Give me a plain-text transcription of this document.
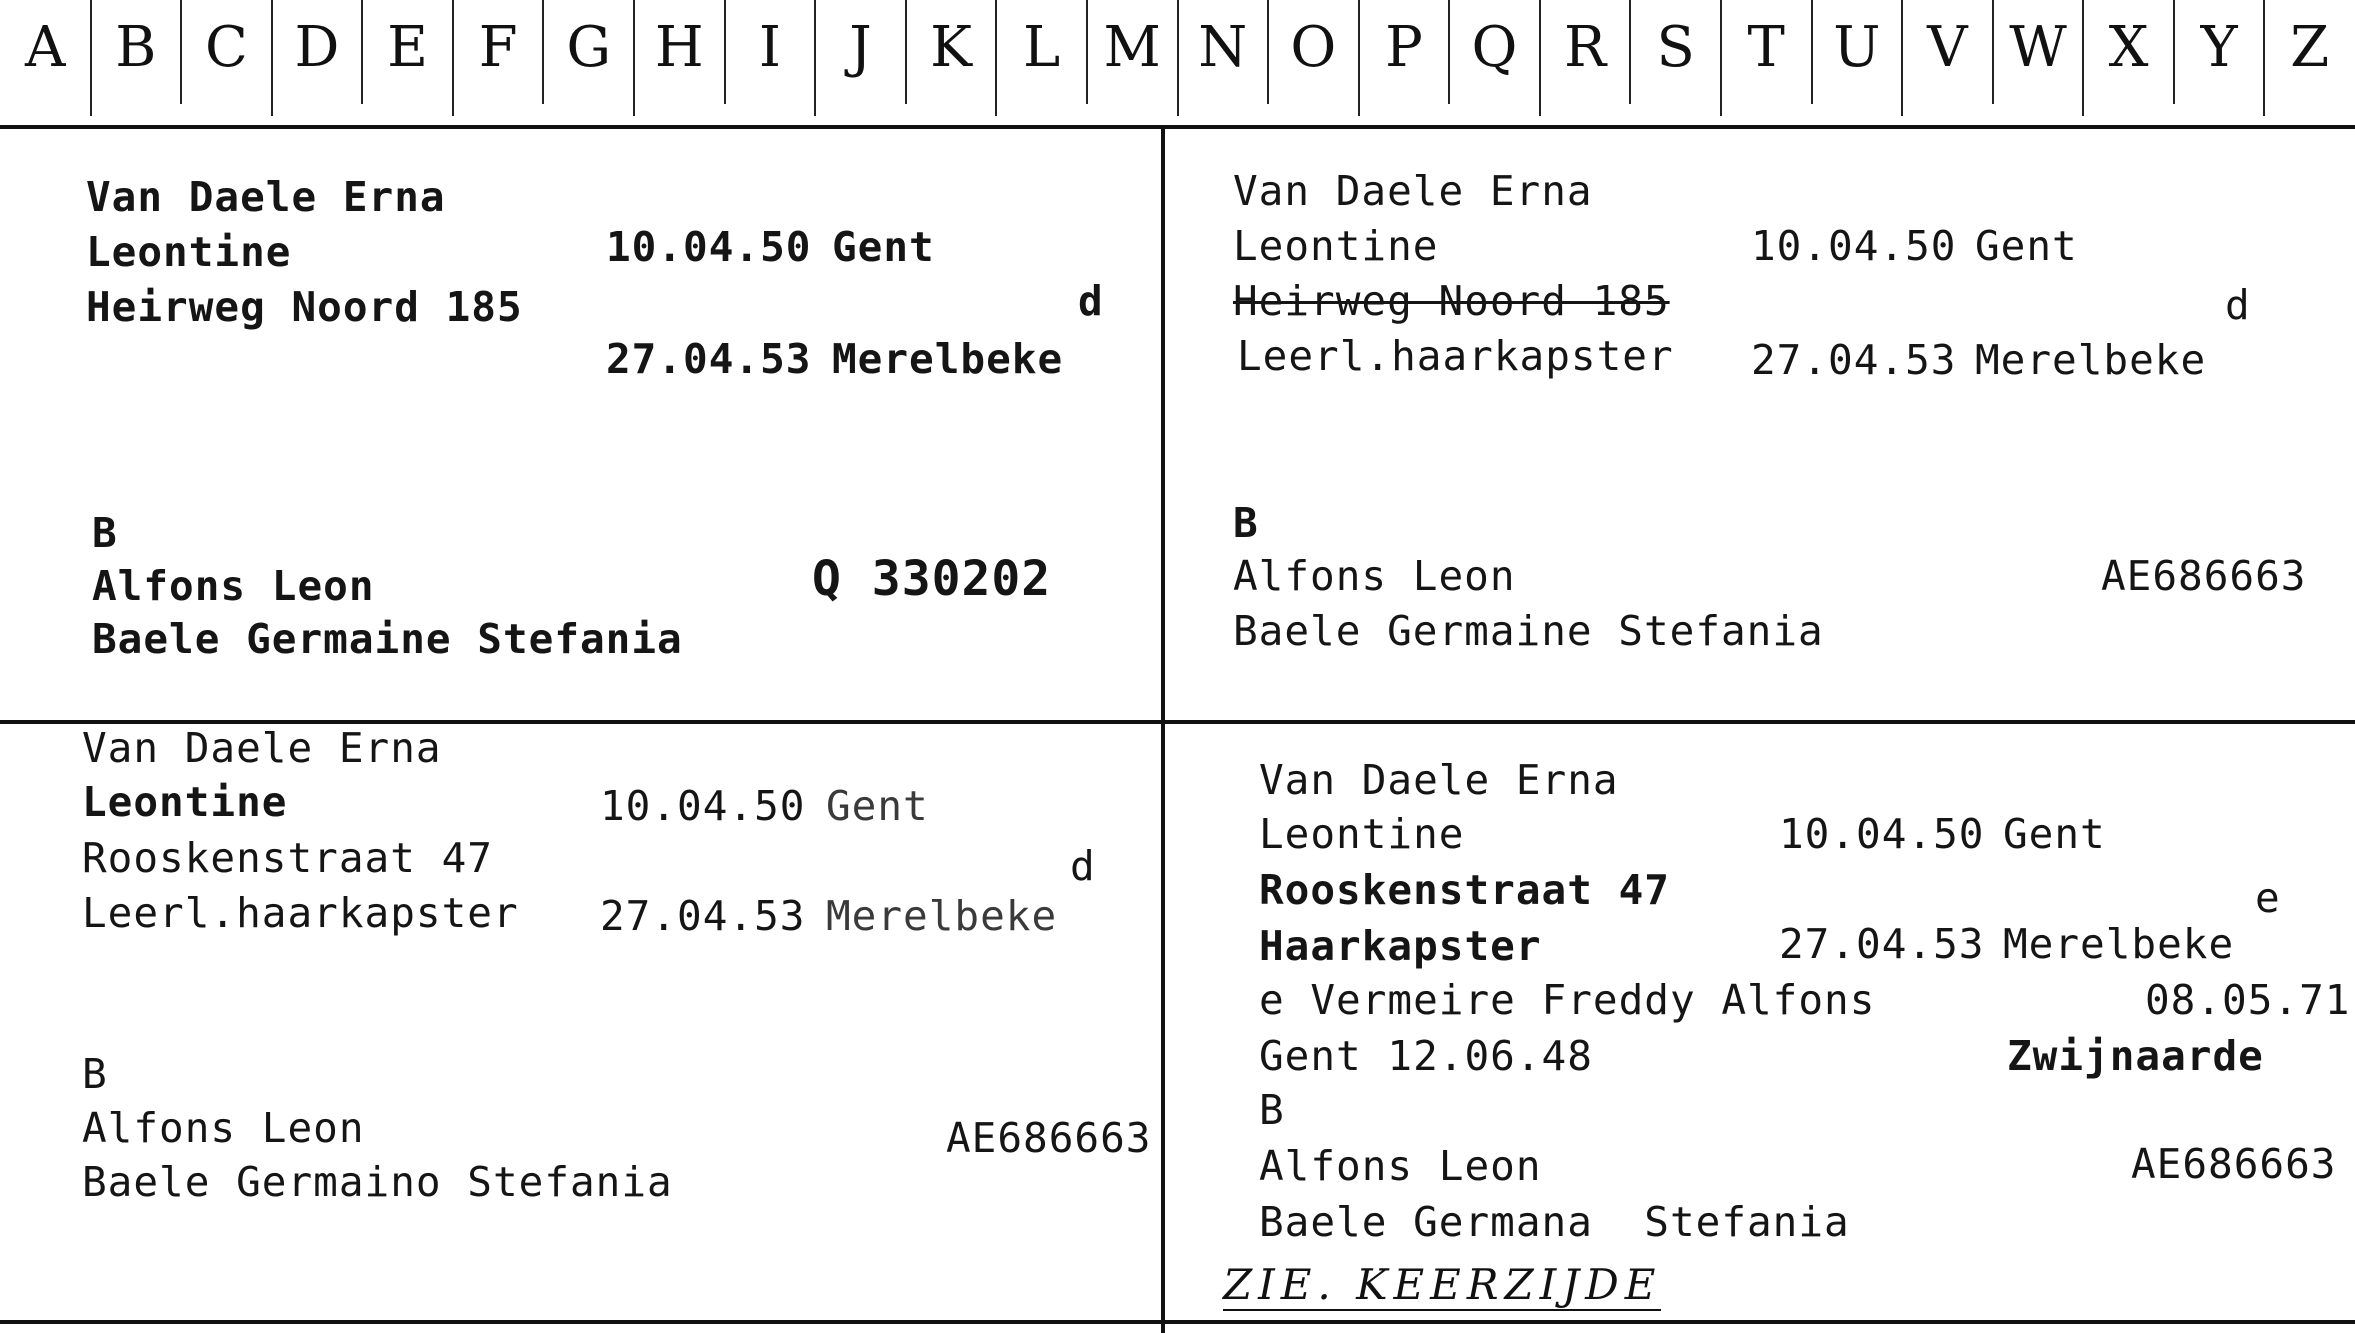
A B C D E F G H I	J	K L M N O P Q R S T U V W X Y Z
Van Daele Erna
Leontine	10.04.50 Gent
Heirweg Noord 185	d
27.04.53 Merelbeke
B
Alfons Leon	Q 330202
Baele Germaine Stefania
Van Daele Erna
Leontine	10.04.50 Gent
Heirweg Noord 185	d
Leerl.haarkapster 27.04.53 Merelbeke
B
Alfons Leon	AE686663
Baele Germaine Stefania
Van Daele Erna
Leontine	10.04.50 Gent
Rooskenstraat 47	d
Leerl.haarkapster 27.04.53 Merelbeke
B
Alfons Leon	AE686663
Baele Germaino Stefania
Van Daele Erna
Leontine	10.04.50 Gent
Rooskenstraat 47	e
Haarkapster	27.04.53 Merelbeke
e Vermeire Freddy Alfons	08.05.71
Gent 12.06.48	Zwijnaarde
B
Alfons Leon	AE686663
Baele Germana  Stefania
ZIE. KEERZIJDE
